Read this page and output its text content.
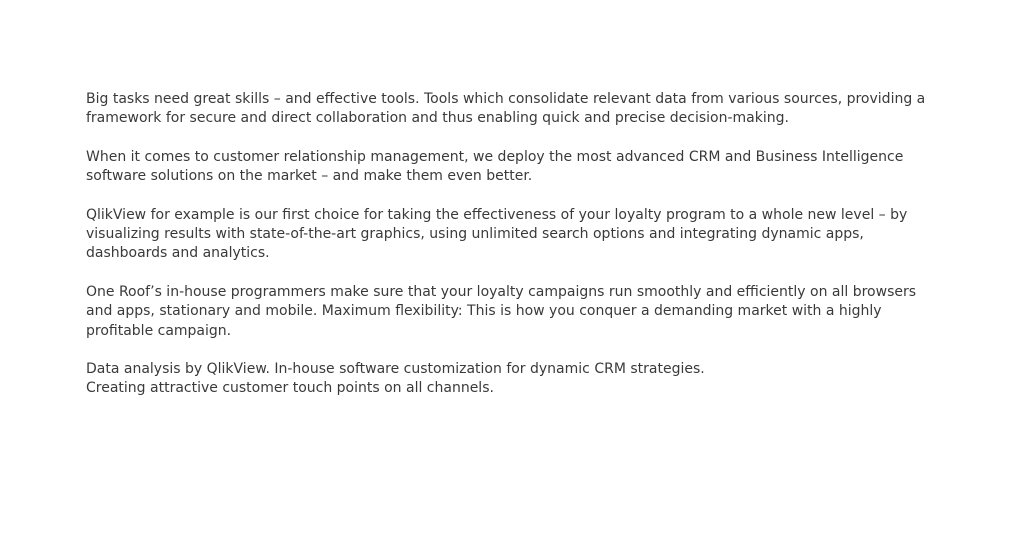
Big tasks need great skills – and effective tools. Tools which consolidate relevant data from various sources, providing a framework for secure and direct collaboration and thus enabling quick and precise decision-making.

When it comes to customer relationship management, we deploy the most advanced CRM and Business Intelligence software solutions on the market – and make them even better.

QlikView for example is our first choice for taking the effectiveness of your loyalty program to a whole new level – by visualizing results with state-of-the-art graphics, using unlimited search options and integrating dynamic apps, dashboards and analytics.

One Roof’s in-house programmers make sure that your loyalty campaigns run smoothly and efficiently on all browsers and apps, stationary and mobile. Maximum flexibility: This is how you conquer a demanding market with a highly profitable campaign.

Data analysis by QlikView. In-house software customization for dynamic CRM strategies.
Creating attractive customer touch points on all channels.
